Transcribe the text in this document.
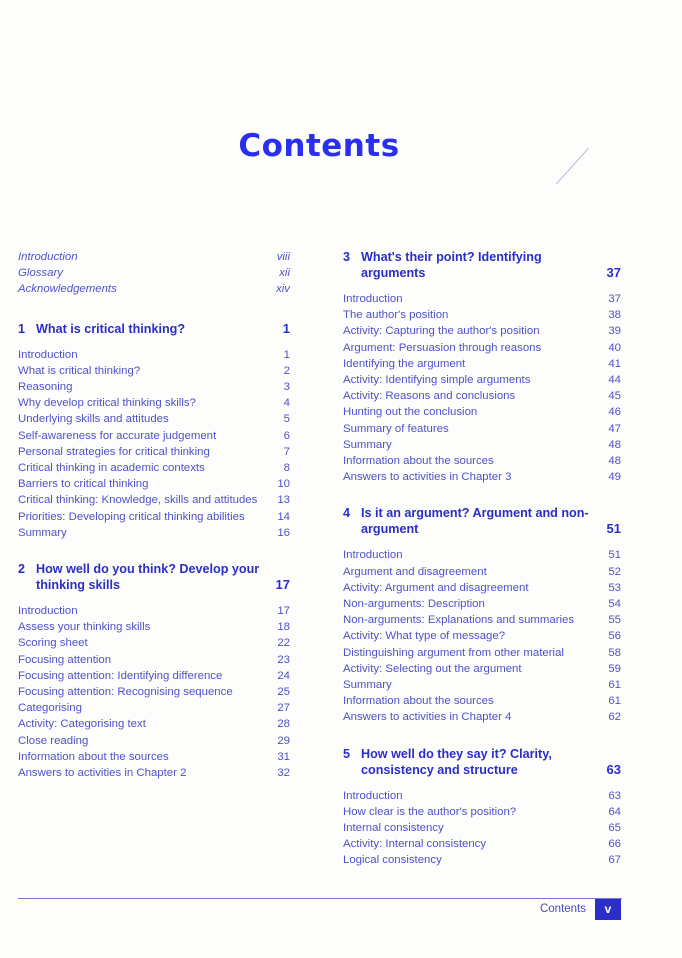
Contents
Introduction	viii
Glossary	xii
Acknowledgements	xiv
1 What is critical thinking?	1
Introduction	1
What is critical thinking?	2
Reasoning	3
Why develop critical thinking skills?	4
Underlying skills and attitudes	5
Self-awareness for accurate judgement	6
Personal strategies for critical thinking	7
Critical thinking in academic contexts	8
Barriers to critical thinking	10
Critical thinking: Knowledge, skills and attitudes	13
Priorities: Developing critical thinking abilities	14
Summary	16
2 How well do you think? Develop your thinking skills	17
Introduction	17
Assess your thinking skills	18
Scoring sheet	22
Focusing attention	23
Focusing attention: Identifying difference	24
Focusing attention: Recognising sequence	25
Categorising	27
Activity: Categorising text	28
Close reading	29
Information about the sources	31
Answers to activities in Chapter 2	32
3 What's their point? Identifying arguments	37
Introduction	37
The author's position	38
Activity: Capturing the author's position	39
Argument: Persuasion through reasons	40
Identifying the argument	41
Activity: Identifying simple arguments	44
Activity: Reasons and conclusions	45
Hunting out the conclusion	46
Summary of features	47
Summary	48
Information about the sources	48
Answers to activities in Chapter 3	49
4 Is it an argument? Argument and non-argument	51
Introduction	51
Argument and disagreement	52
Activity: Argument and disagreement	53
Non-arguments: Description	54
Non-arguments: Explanations and summaries	55
Activity: What type of message?	56
Distinguishing argument from other material	58
Activity: Selecting out the argument	59
Summary	61
Information about the sources	61
Answers to activities in Chapter 4	62
5 How well do they say it? Clarity, consistency and structure	63
Introduction	63
How clear is the author's position?	64
Internal consistency	65
Activity: Internal consistency	66
Logical consistency	67
Contents	v
